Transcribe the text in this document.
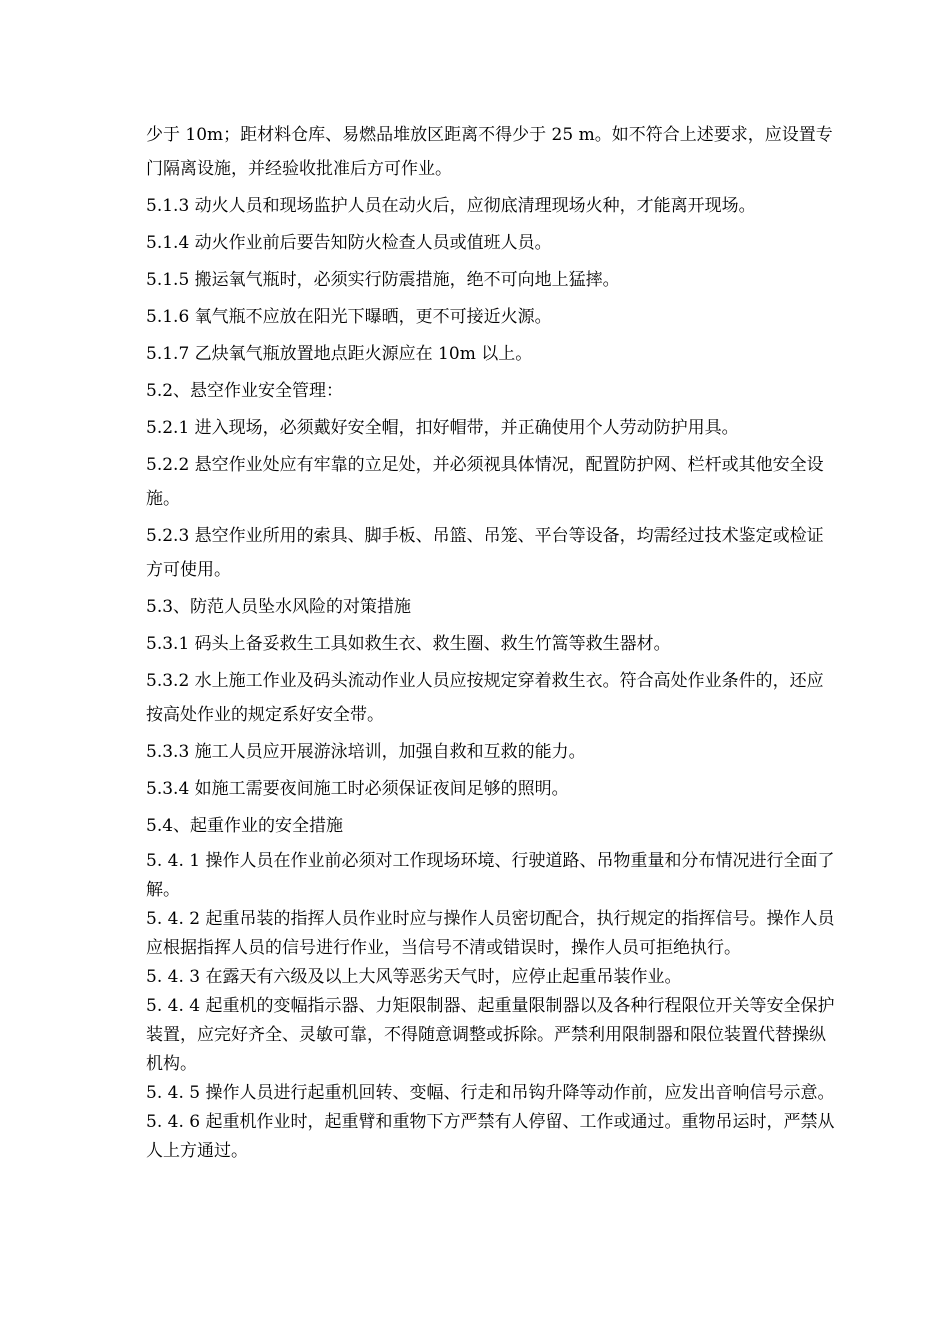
少于 10m；距材料仓库、易燃品堆放区距离不得少于 25 m。如不符合上述要求，应设置专门隔离设施，并经验收批准后方可作业。

5.1.3 动火人员和现场监护人员在动火后，应彻底清理现场火种，才能离开现场。

5.1.4 动火作业前后要告知防火检查人员或值班人员。

5.1.5 搬运氧气瓶时，必须实行防震措施，绝不可向地上猛摔。

5.1.6 氧气瓶不应放在阳光下曝晒，更不可接近火源。

5.1.7 乙炔氧气瓶放置地点距火源应在 10m 以上。

5.2、悬空作业安全管理：

5.2.1 进入现场，必须戴好安全帽，扣好帽带，并正确使用个人劳动防护用具。

5.2.2 悬空作业处应有牢靠的立足处，并必须视具体情况，配置防护网、栏杆或其他安全设施。

5.2.3 悬空作业所用的索具、脚手板、吊篮、吊笼、平台等设备，均需经过技术鉴定或检证方可使用。

5.3、防范人员坠水风险的对策措施

5.3.1 码头上备妥救生工具如救生衣、救生圈、救生竹篙等救生器材。

5.3.2 水上施工作业及码头流动作业人员应按规定穿着救生衣。符合高处作业条件的，还应按高处作业的规定系好安全带。

5.3.3 施工人员应开展游泳培训，加强自救和互救的能力。

5.3.4 如施工需要夜间施工时必须保证夜间足够的照明。

5.4、起重作业的安全措施

5. 4. 1 操作人员在作业前必须对工作现场环境、行驶道路、吊物重量和分布情况进行全面了解。

5. 4. 2 起重吊装的指挥人员作业时应与操作人员密切配合，执行规定的指挥信号。操作人员应根据指挥人员的信号进行作业，当信号不清或错误时，操作人员可拒绝执行。

5. 4. 3 在露天有六级及以上大风等恶劣天气时，应停止起重吊装作业。

5. 4. 4 起重机的变幅指示器、力矩限制器、起重量限制器以及各种行程限位开关等安全保护装置，应完好齐全、灵敏可靠，不得随意调整或拆除。严禁利用限制器和限位装置代替操纵机构。

5. 4. 5 操作人员进行起重机回转、变幅、行走和吊钩升降等动作前，应发出音响信号示意。

5. 4. 6 起重机作业时，起重臂和重物下方严禁有人停留、工作或通过。重物吊运时，严禁从人上方通过。
